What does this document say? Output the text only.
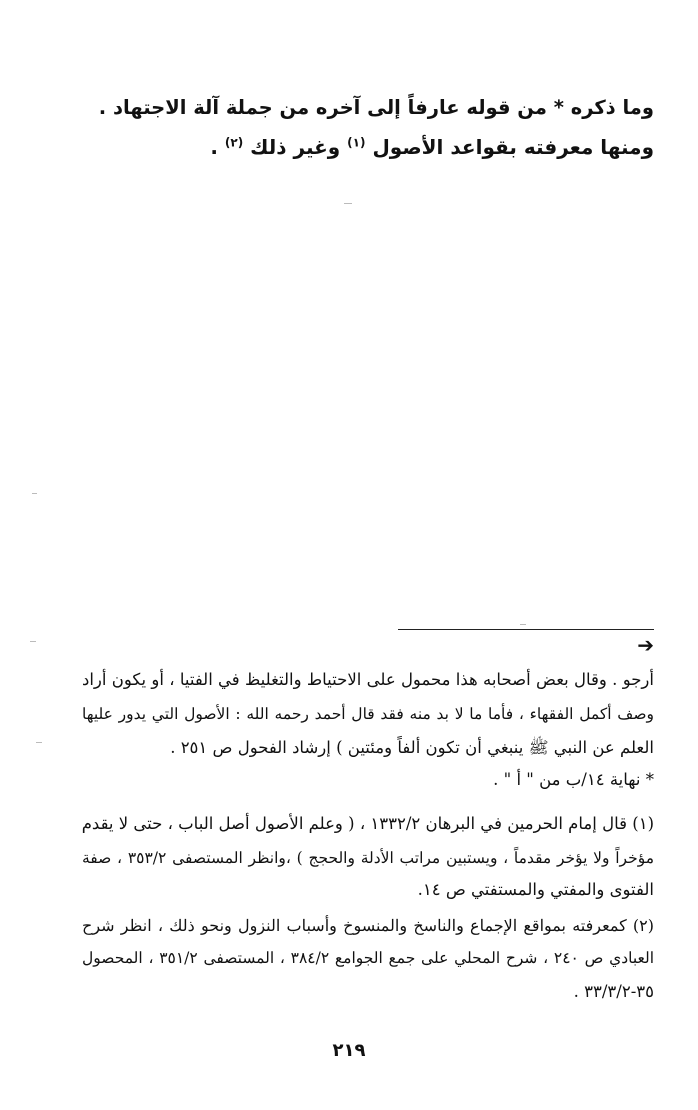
وما ذكره * من قوله عارفاً إلى آخره من جملة آلة الاجتهاد .
ومنها معرفته بقواعد الأصول $^{(١)}$ وغير ذلك $^{(٢)}$ .
➔
أرجو . وقال بعض أصحابه هذا محمول على الاحتياط والتغليظ في الفتيا ، أو يكون أراد
وصف أكمل الفقهاء ، فأما ما لا بد منه فقد قال أحمد رحمه الله : الأصول التي يدور عليها
العلم عن النبي ﷺ ينبغي أن تكون ألفاً ومئتين ) إرشاد الفحول ص ٢٥١ .
* نهاية ١٤/ب من " أ " .
(١) قال إمام الحرمين في البرهان ١٣٣٢/٢ ، ( وعلم الأصول أصل الباب ، حتى لا يقدم
مؤخراً ولا يؤخر مقدماً ، ويستبين مراتب الأدلة والحجج ) ،وانظر المستصفى ٣٥٣/٢ ، صفة
الفتوى والمفتي والمستفتي ص ١٤.
(٢) كمعرفته بمواقع الإجماع والناسخ والمنسوخ وأسباب النزول ونحو ذلك ، انظر شرح
العبادي ص ٢٤٠ ، شرح المحلي على جمع الجوامع ٣٨٤/٢ ، المستصفى ٣٥١/٢ ، المحصول
٣٥-٣٣/٣/٢ .
٢١٩
